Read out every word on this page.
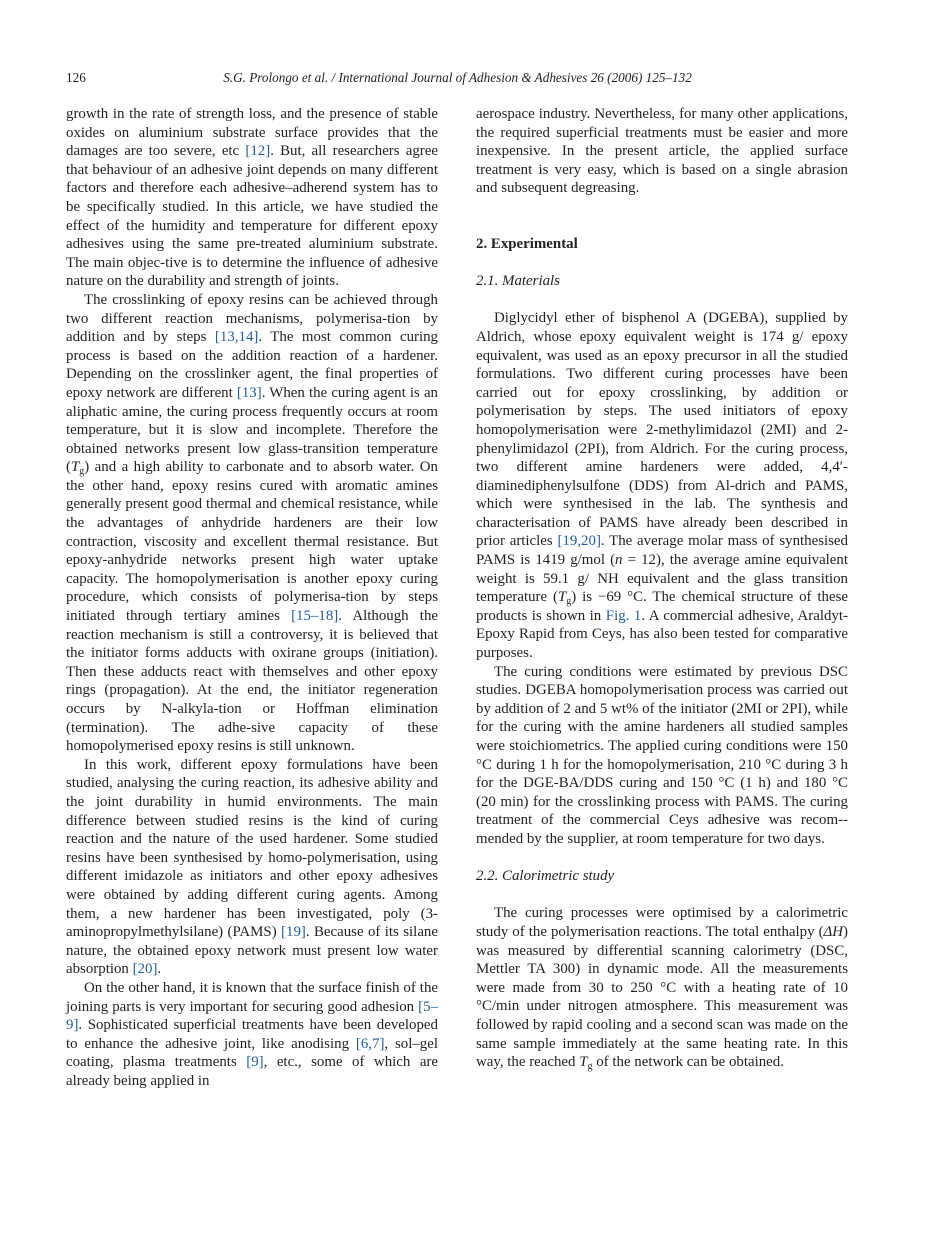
126	S.G. Prolongo et al. / International Journal of Adhesion & Adhesives 26 (2006) 125–132

growth in the rate of strength loss, and the presence of stable oxides on aluminium substrate surface provides that the damages are too severe, etc [12]. But, all researchers agree that behaviour of an adhesive joint depends on many different factors and therefore each adhesive–adherend system has to be specifically studied. In this article, we have studied the effect of the humidity and temperature for different epoxy adhesives using the same pre-treated aluminium substrate. The main objec-tive is to determine the influence of adhesive nature on the durability and strength of joints.

The crosslinking of epoxy resins can be achieved through two different reaction mechanisms, polymerisa-tion by addition and by steps [13,14]. The most common curing process is based on the addition reaction of a hardener. Depending on the crosslinker agent, the final properties of epoxy network are different [13]. When the curing agent is an aliphatic amine, the curing process frequently occurs at room temperature, but it is slow and incomplete. Therefore the obtained networks present low glass-transition temperature $(T_g)$ and a high ability to carbonate and to absorb water. On the other hand, epoxy resins cured with aromatic amines generally present good thermal and chemical resistance, while the advantages of anhydride hardeners are their low contraction, viscosity and excellent thermal resistance. But epoxy-anhydride networks present high water uptake capacity. The homopolymerisation is another epoxy curing procedure, which consists of polymerisa-tion by steps initiated through tertiary amines [15–18]. Although the reaction mechanism is still a controversy, it is believed that the initiator forms adducts with oxirane groups (initiation). Then these adducts react with themselves and other epoxy rings (propagation). At the end, the initiator regeneration occurs by N-alkyla-tion or Hoffman elimination (termination). The adhe-sive capacity of these homopolymerised epoxy resins is still unknown.

In this work, different epoxy formulations have been studied, analysing the curing reaction, its adhesive ability and the joint durability in humid environments. The main difference between studied resins is the kind of curing reaction and the nature of the used hardener. Some studied resins have been synthesised by homo-polymerisation, using different imidazole as initiators and other epoxy adhesives were obtained by adding different curing agents. Among them, a new hardener has been investigated, poly (3-aminopropylmethylsilane) (PAMS) [19]. Because of its silane nature, the obtained epoxy network must present low water absorption [20].

On the other hand, it is known that the surface finish of the joining parts is very important for securing good adhesion [5–9]. Sophisticated superficial treatments have been developed to enhance the adhesive joint, like anodising [6,7], sol–gel coating, plasma treatments [9], etc., some of which are already being applied in

aerospace industry. Nevertheless, for many other applications, the required superficial treatments must be easier and more inexpensive. In the present article, the applied surface treatment is very easy, which is based on a single abrasion and subsequent degreasing.

2. Experimental
2.1. Materials

Diglycidyl ether of bisphenol A (DGEBA), supplied by Aldrich, whose epoxy equivalent weight is 174 g/ epoxy equivalent, was used as an epoxy precursor in all the studied formulations. Two different curing processes have been carried out for epoxy crosslinking, by addition or polymerisation by steps. The used initiators of epoxy homopolymerisation were 2-methylimidazol (2MI) and 2-phenylimidazol (2PI), from Aldrich. For the curing process, two different amine hardeners were added, 4,4′-diaminediphenylsulfone (DDS) from Al-drich and PAMS, which were synthesised in the lab. The synthesis and characterisation of PAMS have already been described in prior articles [19,20]. The average molar mass of synthesised PAMS is 1419 g/mol (n = 12), the average amine equivalent weight is 59.1 g/ NH equivalent and the glass transition temperature $(T_g)$ is −69 °C. The chemical structure of these products is shown in Fig. 1. A commercial adhesive, Araldyt-Epoxy Rapid from Ceys, has also been tested for comparative purposes.

The curing conditions were estimated by previous DSC studies. DGEBA homopolymerisation process was carried out by addition of 2 and 5 wt% of the initiator (2MI or 2PI), while for the curing with the amine hardeners all studied samples were stoichiometrics. The applied curing conditions were 150 °C during 1 h for the homopolymerisation, 210 °C during 3 h for the DGE-BA/DDS curing and 150 °C (1 h) and 180 °C (20 min) for the crosslinking process with PAMS. The curing treatment of the commercial Ceys adhesive was recom-mended by the supplier, at room temperature for two days.

2.2. Calorimetric study

The curing processes were optimised by a calorimetric study of the polymerisation reactions. The total enthalpy (ΔH) was measured by differential scanning calorimetry (DSC, Mettler TA 300) in dynamic mode. All the measurements were made from 30 to 250 °C with a heating rate of 10 °C/min under nitrogen atmosphere. This measurement was followed by rapid cooling and a second scan was made on the same sample immediately at the same heating rate. In this way, the reached $T_g$ of the network can be obtained.
